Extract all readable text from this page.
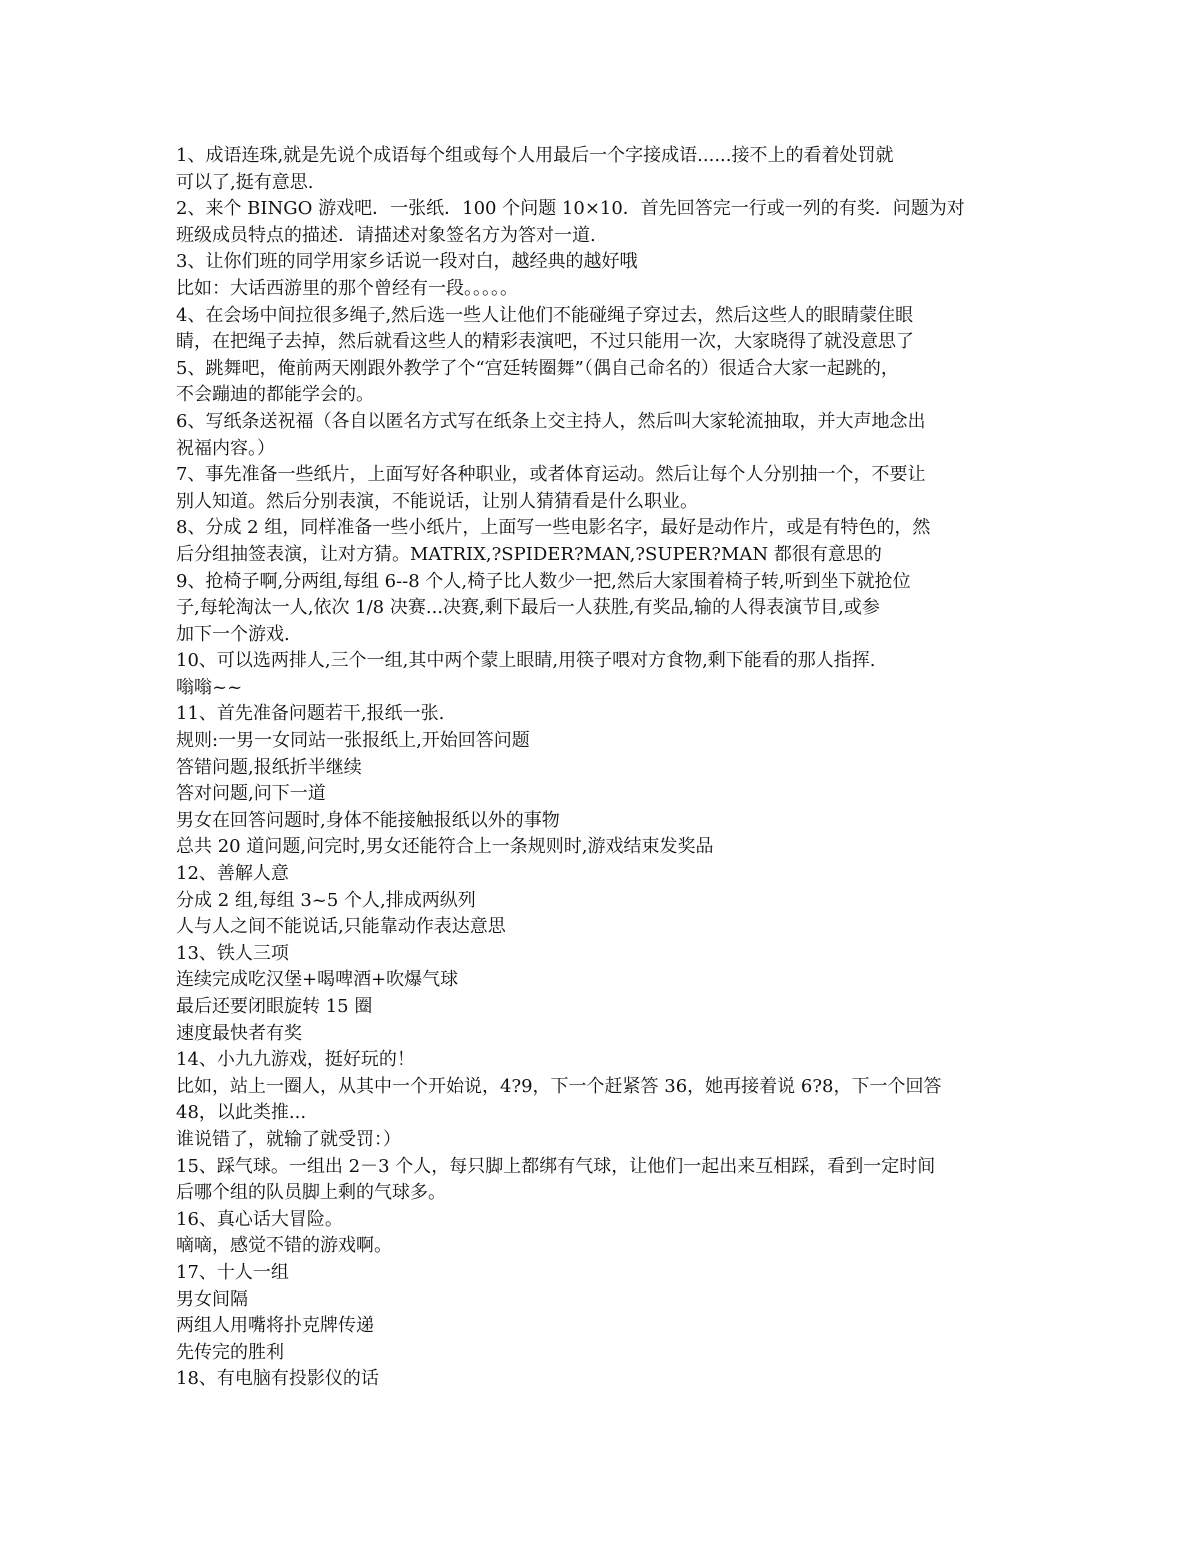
1、成语连珠,就是先说个成语每个组或每个人用最后一个字接成语......接不上的看着处罚就
可以了,挺有意思.
2、来个 BINGO 游戏吧．一张纸．100 个问题 10×10．首先回答完一行或一列的有奖．问题为对
班级成员特点的描述．请描述对象签名方为答对一道.
3、让你们班的同学用家乡话说一段对白，越经典的越好哦
比如：大话西游里的那个曾经有一段。。。。。
4、在会场中间拉很多绳子,然后选一些人让他们不能碰绳子穿过去，然后这些人的眼睛蒙住眼
睛，在把绳子去掉，然后就看这些人的精彩表演吧，不过只能用一次，大家晓得了就没意思了
5、跳舞吧，俺前两天刚跟外教学了个“宫廷转圈舞”（偶自己命名的）很适合大家一起跳的，
不会蹦迪的都能学会的。
6、写纸条送祝福（各自以匿名方式写在纸条上交主持人，然后叫大家轮流抽取，并大声地念出
祝福内容。）
7、事先准备一些纸片，上面写好各种职业，或者体育运动。然后让每个人分别抽一个，不要让
别人知道。然后分别表演，不能说话，让别人猜猜看是什么职业。
8、分成 2 组，同样准备一些小纸片，上面写一些电影名字，最好是动作片，或是有特色的，然
后分组抽签表演，让对方猜。MATRIX,?SPIDER?MAN,?SUPER?MAN 都很有意思的
9、抢椅子啊,分两组,每组 6--8 个人,椅子比人数少一把,然后大家围着椅子转,听到坐下就抢位
子,每轮淘汰一人,依次 1/8 决赛...决赛,剩下最后一人获胜,有奖品,输的人得表演节目,或参
加下一个游戏.
10、可以选两排人,三个一组,其中两个蒙上眼睛,用筷子喂对方食物,剩下能看的那人指挥.
嗡嗡~~
11、首先准备问题若干,报纸一张.
规则:一男一女同站一张报纸上,开始回答问题
答错问题,报纸折半继续
答对问题,问下一道
男女在回答问题时,身体不能接触报纸以外的事物
总共 20 道问题,问完时,男女还能符合上一条规则时,游戏结束发奖品
12、善解人意
分成 2 组,每组 3~5 个人,排成两纵列
人与人之间不能说话,只能靠动作表达意思
13、铁人三项
连续完成吃汉堡+喝啤酒+吹爆气球
最后还要闭眼旋转 15 圈
速度最快者有奖
14、小九九游戏，挺好玩的！
比如，站上一圈人，从其中一个开始说，4?9，下一个赶紧答 36，她再接着说 6?8，下一个回答
48，以此类推...
谁说错了，就输了就受罚：）
15、踩气球。一组出 2－3 个人，每只脚上都绑有气球，让他们一起出来互相踩，看到一定时间
后哪个组的队员脚上剩的气球多。
16、真心话大冒险。
嘀嘀，感觉不错的游戏啊。
17、十人一组
男女间隔
两组人用嘴将扑克牌传递
先传完的胜利
18、有电脑有投影仪的话
